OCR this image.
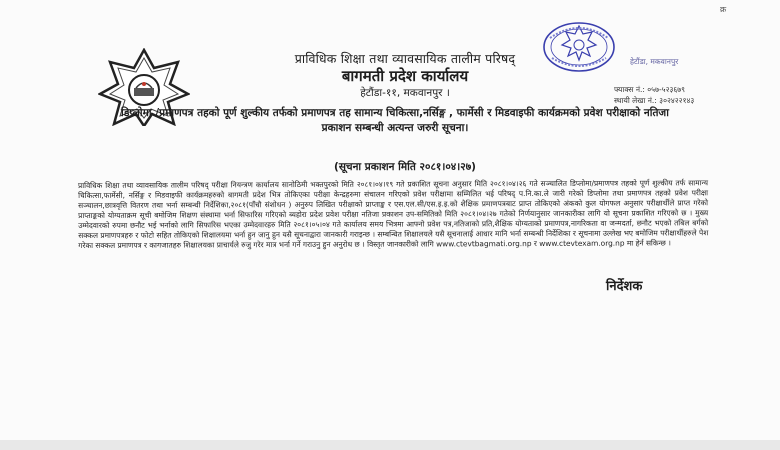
क्र
हेटौंडा, मकवानपुर
प्राविधिक शिक्षा तथा व्यावसायिक तालीम परिषद्
बागमती प्रदेश कार्यालय
हेटौंडा-११, मकवानपुर ।	फ्याक्स नं.: ०५७-५२३६७९
स्थायी लेखा नं.: ३०२४२२१४३
डिप्लोमा /प्रमाणपत्र तहको पूर्ण शुल्कीय तर्फको प्रमाणपत्र तह सामान्य चिकित्सा,नर्सिङ्ग , फार्मेसी र मिडवाइफी कार्यक्रमको प्रवेश परीक्षाको नतिजा प्रकाशन सम्बन्धी अत्यन्त जरुरी सूचना।
(सूचना प्रकाशन मिति २०८१।०४।२७)
प्राविधिक शिक्षा तथा व्यावसायिक तालीम परिषद् परीक्षा नियन्त्रण कार्यालय सानोठिमी भक्तपुरको मिति २०८१।०४।१९ गते प्रकाशित सूचना अनुसार मिति २०८१।०४।२६ गते सञ्चालित डिप्लोमा/प्रमाणपत्र तहको पूर्ण शुल्कीय तर्फ सामान्य चिकित्सा,फार्मेसी, नर्सिङ्ग र मिडवाइफी कार्यक्रमहरुको बागमती प्रदेश भित्र तोकिएका परीक्षा केन्द्रहरुमा संचालन गरिएको प्रवेश परीक्षामा सम्मिलित भई परिषद् प.नि.का.ले जारी गरेको डिप्लोमा तथा प्रमाणपत्र तहको प्रवेश परीक्षा सञ्चालन,छात्रवृत्ति वितरण तथा भर्ना सम्बन्धी निर्देशिका,२०८१(पाँचौ संशोधन ) अनुरुप लिखित परीक्षाको प्राप्ताङ्क र एस.एल.सी/एस.इ.इ.को शैक्षिक प्रमाणपत्रबाट प्राप्त तोकिएको अंकको कुल योगफल अनुसार परीक्षार्थीले प्राप्त गरेको प्राप्ताङ्कको योग्यताक्रम सूची बमोजिम शिक्षण संस्थामा भर्ना सिफारिस गरिएको ब्यहोरा प्रदेश प्रवेश परीक्षा नतिजा प्रकाशन उप-समितिको मिति २०८१।०४।२७ गतेको निर्णयानुसार जानकारीका लागि यो सूचना प्रकाशित गरिएको छ । मुख्य उम्मेदवारको रुपमा छनौट भई भर्नाको लागि सिफारिस भएका उम्मेदवारहरु मिति २०८१।०५।०४ गते कार्यालय समय भित्रमा आफ्नो प्रवेश पत्र,नतिजाको प्रति,शैक्षिक योग्यताको प्रमाणपत्र,नागरिकता वा जन्मदर्ता, छनौट भएको तबिल बर्गको सक्कल प्रमाणपत्रहरु र फोटो सहित तोकिएको शिक्षालयमा भर्ना हुन जानु हुन यसै सूचनाद्वारा जानकारी गराइन्छ । सम्बन्धित शिक्षालयले यसै सूचनालाई आधार मानि भर्ना सम्बन्धी निर्देशिका र सूचनामा उल्लेख भए बमोजिम परीक्षार्थीहरुले पेश गरेका सक्कल प्रमाणपत्र र कागजातहरु शिक्षालयका प्राचार्यले रुजु गरेर मात्र भर्ना गर्ने गराउनु हुन अनुरोध छ । विस्तृत जानकारीको लागि www.ctevtbagmati.org.np र www.ctevtexam.org.np मा हेर्न सकिन्छ ।
निर्देशक
